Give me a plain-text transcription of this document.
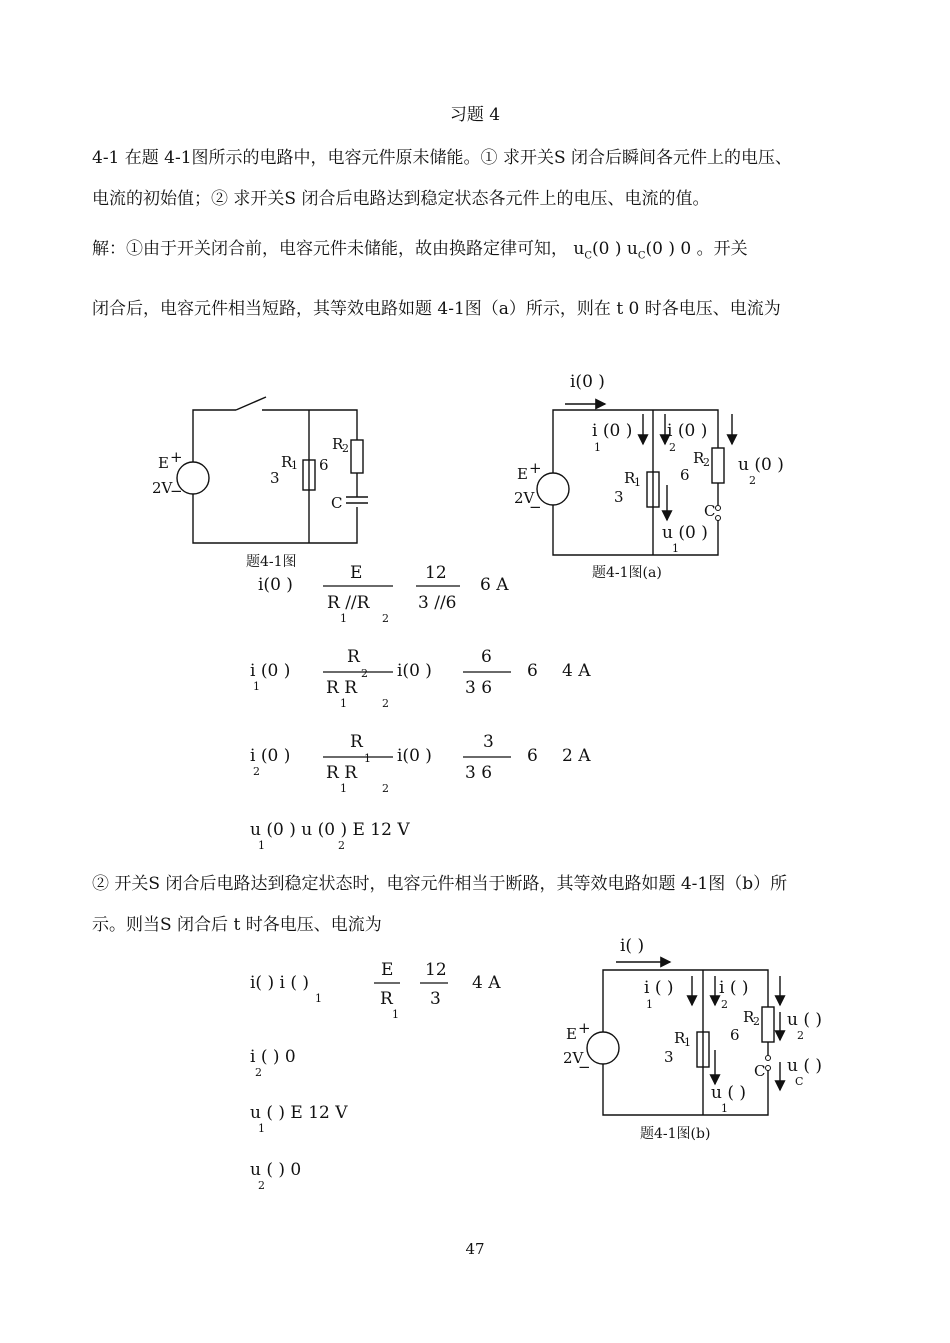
习题 4
4-1 在题 4-1图所示的电路中，电容元件原未储能。① 求开关S 闭合后瞬间各元件上的电压、
电流的初始值；② 求开关S 闭合后电路达到稳定状态各元件上的电压、电流的值。
解：①由于开关闭合前，电容元件未储能，故由换路定律可知， $u_C(0$ ) $u_C(0$ ) 0 。开关
闭合后，电容元件相当短路，其等效电路如题 4-1图（a）所示，则在 t 0 时各电压、电流为
② 开关S 闭合后电路达到稳定状态时，电容元件相当于断路，其等效电路如题 4-1图（b）所
示。则当S 闭合后 t 时各电压、电流为
47
E +
2V
−
3
R
1 6
R
2
C
题4-1图
i(0 )
i (0 )
1
i (0 )
2
u (0 )
2
u (0 )
1
E +
2V
−
3
R
1	6
R
2
C
题4-1图(a)
i( )
i ( )
1
i ( )
2
u ( )
2
u ( )
C
u ( )
1
E +
2V
−
3
R
1	6
R
2
C
题4-1图(b)
i(0 )
E
R //R
1	2
12
3 //6
6 A
i (0 )
1
R
2
R R
1	2
i(0 )
6
3 6
6 4 A
i (0 )
2
R
1
R R
1	2
i(0 )
3
3 6
6 2 A
u (0 ) u (0 ) E 12 V
1	2
i( ) i ( )
1
E
R
1
12
3
4 A
i ( ) 0
2
u ( ) E 12 V
1
u ( ) 0
2
